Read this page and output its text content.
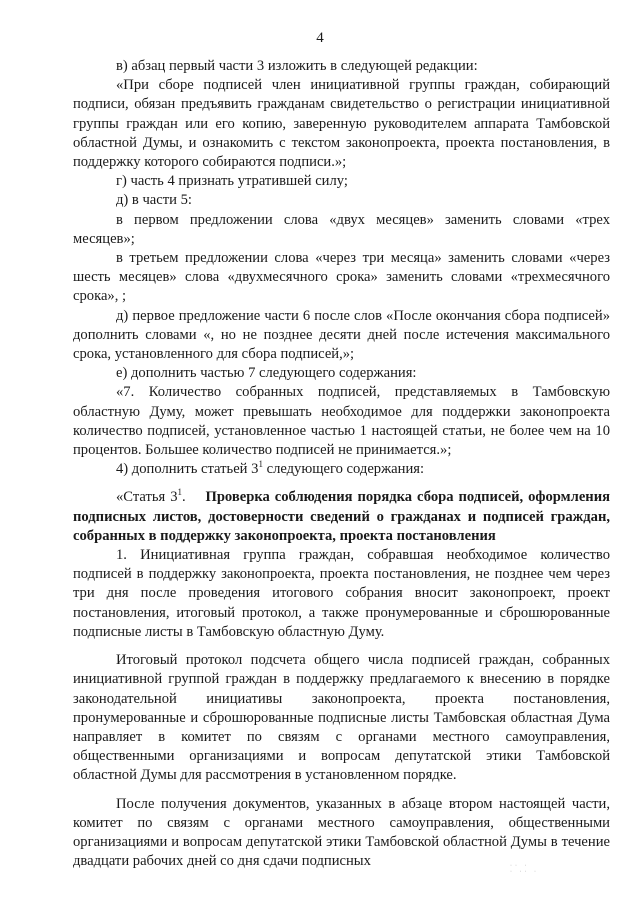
4

в) абзац первый части 3 изложить в следующей редакции:

«При сборе подписей член инициативной группы граждан, собирающий подписи, обязан предъявить гражданам свидетельство о регистрации инициативной группы граждан или его копию, заверенную руководителем аппарата Тамбовской областной Думы, и ознакомить с текстом законопроекта, проекта постановления, в поддержку которого собираются подписи.»;

г) часть 4 признать утратившей силу;

д) в части 5:

в первом предложении слова «двух месяцев» заменить словами «трех месяцев»;

в третьем предложении слова «через три месяца» заменить словами «через шесть месяцев» слова «двухмесячного срока» заменить словами «трехмесячного срока», ;

д) первое предложение части 6 после слов «После окончания сбора подписей» дополнить словами «, но не позднее десяти дней после истечения максимального срока, установленного для сбора подписей,»;

е) дополнить частью 7 следующего содержания:

«7. Количество собранных подписей, представляемых в Тамбовскую областную Думу, может превышать необходимое для поддержки законопроекта количество подписей, установленное частью 1 настоящей статьи, не более чем на 10 процентов. Большее количество подписей не принимается.»;

4) дополнить статьей $3^1$ следующего содержания:

«Статья $3^1$. Проверка соблюдения порядка сбора подписей, оформления подписных листов, достоверности сведений о гражданах и подписей граждан, собранных в поддержку законопроекта, проекта постановления

1. Инициативная группа граждан, собравшая необходимое количество подписей в поддержку законопроекта, проекта постановления, не позднее чем через три дня после проведения итогового собрания вносит законопроект, проект постановления, итоговый протокол, а также пронумерованные и сброшюрованные подписные листы в Тамбовскую областную Думу.

Итоговый протокол подсчета общего числа подписей граждан, собранных инициативной группой граждан в поддержку предлагаемого к внесению в порядке законодательной инициативы законопроекта, проекта постановления, пронумерованные и сброшюрованные подписные листы Тамбовская областная Дума направляет в комитет по связям с органами местного самоуправления, общественными организациями и вопросам депутатской этики Тамбовской областной Думы для рассмотрения в установленном порядке.

После получения документов, указанных в абзаце втором настоящей части, комитет по связям с органами местного самоуправления, общественными организациями и вопросам депутатской этики Тамбовской областной Думы в течение двадцати рабочих дней со дня сдачи подписных	·· ·
· ·· ·
